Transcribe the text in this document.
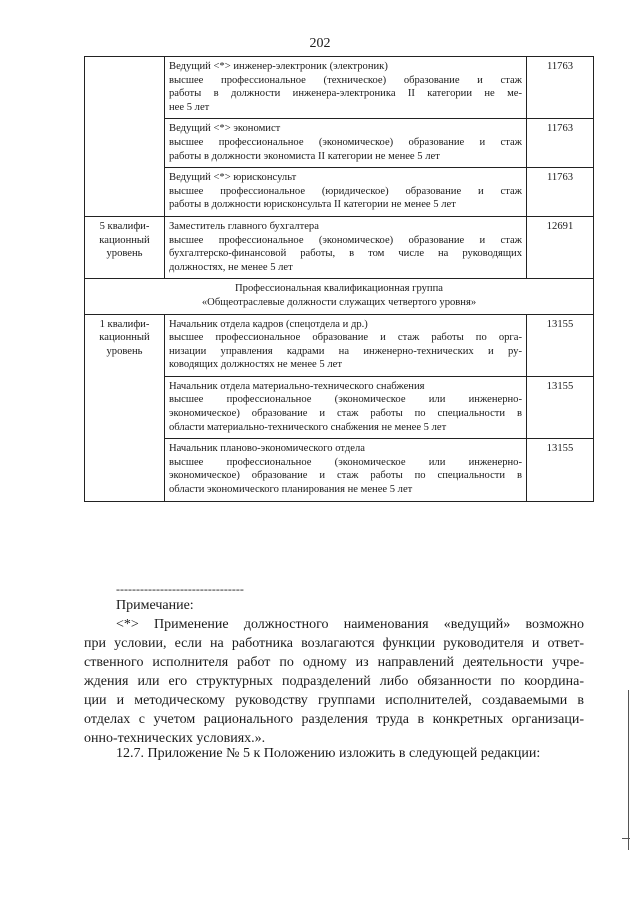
202

	Ведущий <*> инженер-электроник (электроник)
высшее профессиональное (техническое) образование и стаж
работы в должности инженера-электроника II категории не ме-
нее 5 лет	11763

	Ведущий <*> экономист
высшее профессиональное (экономическое) образование и стаж
работы в должности экономиста II категории не менее 5 лет	11763

	Ведущий <*> юрисконсульт
высшее профессиональное (юридическое) образование и стаж
работы в должности юрисконсульта II категории не менее 5 лет	11763

5 квалифи-
кационный
уровень	Заместитель главного бухгалтера
высшее профессиональное (экономическое) образование и стаж
бухгалтерско-финансовой работы, в том числе на руководящих
должностях, не менее 5 лет	12691

Профессиональная квалификационная группа
«Общеотраслевые должности служащих четвертого уровня»		

1 квалифи-
кационный
уровень	Начальник отдела кадров (спецотдела и др.)
высшее профессиональное образование и стаж работы по орга-
низации управления кадрами на инженерно-технических и ру-
ководящих должностях не менее 5 лет	13155

	Начальник отдела материально-технического снабжения
высшее профессиональное (экономическое или инженерно-
экономическое) образование и стаж работы по специальности в
области материально-технического снабжения не менее 5 лет	13155

	Начальник планово-экономического отдела
высшее профессиональное (экономическое или инженерно-
экономическое) образование и стаж работы по специальности в
области экономического планирования не менее 5 лет	13155
--------------------------------
Примечание:
<*> Применение должностного наименования «ведущий» возможно
при условии, если на работника возлагаются функции руководителя и ответ-
ственного исполнителя работ по одному из направлений деятельности учре-
ждения или его структурных подразделений либо обязанности по координа-
ции и методическому руководству группами исполнителей, создаваемыми в
отделах с учетом рационального разделения труда в конкретных организаци-
онно-технических условиях.».
12.7. Приложение № 5 к Положению изложить в следующей редакции:
